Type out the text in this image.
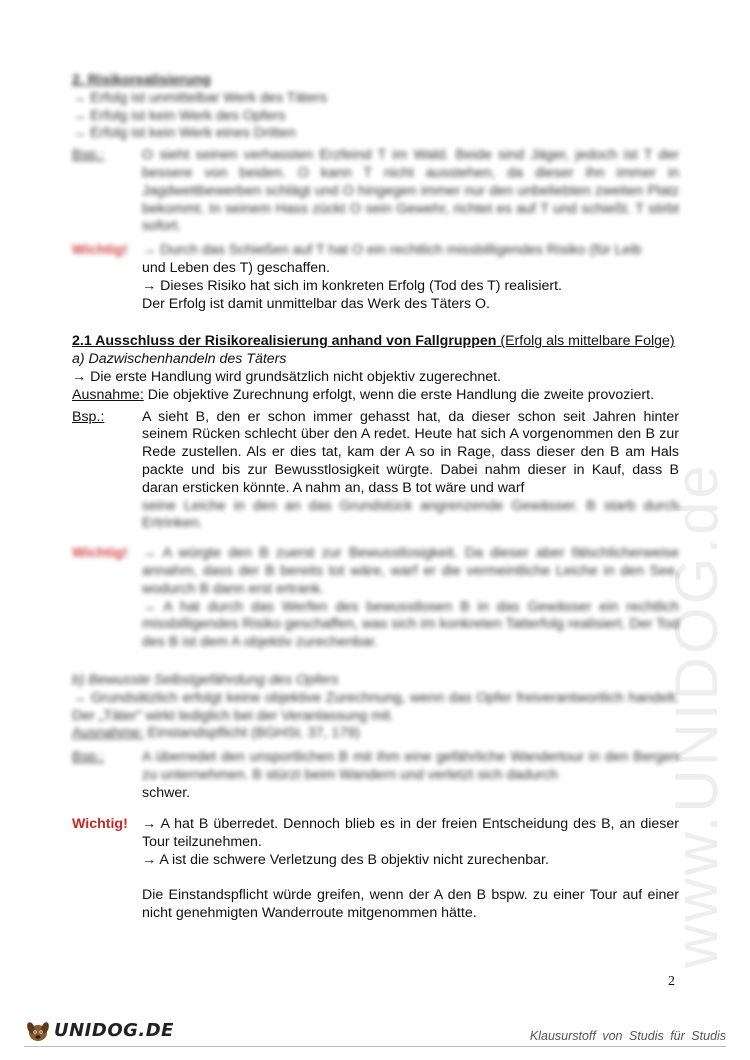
www.UNIDOG.de
2. Risikorealisierung
→ Erfolg ist unmittelbar Werk des Täters
→ Erfolg ist kein Werk des Opfers
→ Erfolg ist kein Werk eines Dritten
Bsp.:	O sieht seinen verhassten Erzfeind T im Wald. Beide sind Jäger, jedoch ist T der bessere von beiden. O kann T nicht ausstehen, da dieser ihn immer in Jagdwettbewerben schlägt und O hingegen immer nur den unbeliebten zweiten Platz bekommt. In seinem Hass zückt O sein Gewehr, richtet es auf T und schießt. T stirbt sofort.
Wichtig! → Durch das Schießen auf T hat O ein rechtlich missbilligendes Risiko (für Leib
und Leben des T) geschaffen.
→ Dieses Risiko hat sich im konkreten Erfolg (Tod des T) realisiert.
Der Erfolg ist damit unmittelbar das Werk des Täters O.
2.1 Ausschluss der Risikorealisierung anhand von Fallgruppen (Erfolg als mittelbare Folge)
a) Dazwischenhandeln des Täters
→ Die erste Handlung wird grundsätzlich nicht objektiv zugerechnet.
Ausnahme: Die objektive Zurechnung erfolgt, wenn die erste Handlung die zweite provoziert.
Bsp.:	A sieht B, den er schon immer gehasst hat, da dieser schon seit Jahren hinter seinem Rücken schlecht über den A redet. Heute hat sich A vorgenommen den B zur Rede zustellen. Als er dies tat, kam der A so in Rage, dass dieser den B am Hals packte und bis zur Bewusstlosigkeit würgte. Dabei nahm dieser in Kauf, dass B daran ersticken könnte. A nahm an, dass B tot wäre und warf
seine Leiche in den an das Grundstück angrenzende Gewässer. B starb durch Ertrinken.
Wichtig! → A würgte den B zuerst zur Bewusstlosigkeit. Da dieser aber fälschlicherweise annahm, dass der B bereits tot wäre, warf er die vermeintliche Leiche in den See, wodurch B dann erst ertrank.
→ A hat durch das Werfen des bewusstlosen B in das Gewässer ein rechtlich missbilligendes Risiko geschaffen, was sich im konkreten Tatterfolg realisiert. Der Tod des B ist dem A objektiv zurechenbar.
b) Bewusste Selbstgefährdung des Opfers
→ Grundsätzlich erfolgt keine objektive Zurechnung, wenn das Opfer freiverantwortlich handelt. Der „Täter" wirkt lediglich bei der Veranlassung mit.
Ausnahme: Einstandspflicht (BGHSt. 37, 179)
Bsp.:	A überredet den unsportlichen B mit ihm eine gefährliche Wandertour in den Bergen zu unternehmen. B stürzt beim Wandern und verletzt sich dadurch
schwer.
Wichtig! → A hat B überredet. Dennoch blieb es in der freien Entscheidung des B, an dieser Tour teilzunehmen.
→ A ist die schwere Verletzung des B objektiv nicht zurechenbar.
Die Einstandspflicht würde greifen, wenn der A den B bspw. zu einer Tour auf einer nicht genehmigten Wanderroute mitgenommen hätte.
2
UNIDOG.DE	Klausurstoff von Studis für Studis
